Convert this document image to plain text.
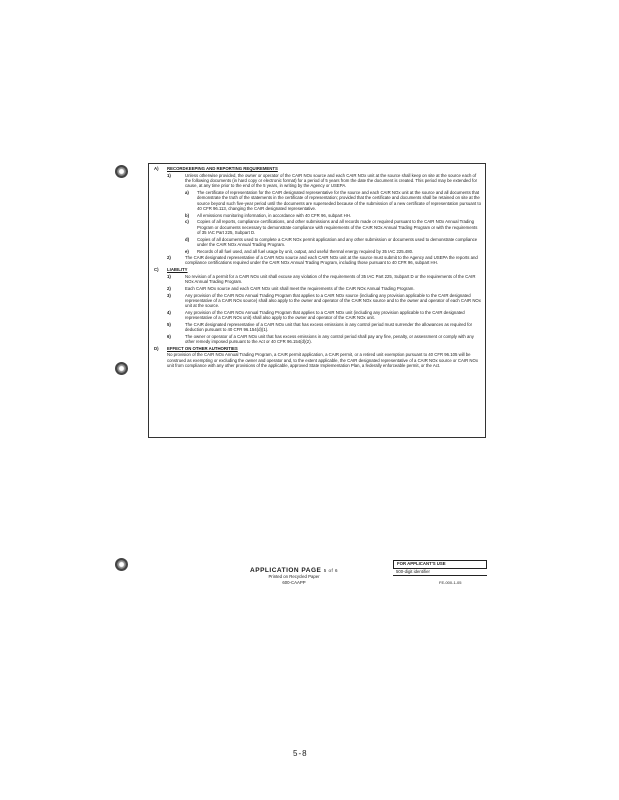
A)	RECORDKEEPING AND REPORTING REQUIREMENTS
1)	Unless otherwise provided, the owner or operator of the CAIR NOx source and each CAIR NOx unit at the source shall keep on site at the source each of the following documents (in hard copy or electronic format) for a period of 5 years from the date the document is created. This period may be extended for cause, at any time prior to the end of the 5 years, in writing by the Agency or USEPA.
a)	The certificate of representation for the CAIR designated representative for the source and each CAIR NOx unit at the source and all documents that demonstrate the truth of the statements in the certificate of representation; provided that the certificate and documents shall be retained on site at the source beyond such five-year period until the documents are superseded because of the submission of a new certificate of representation pursuant to 40 CFR 96.113, changing the CAIR designated representative.
b)	All emissions monitoring information, in accordance with 40 CFR 96, subpart HH.
c)	Copies of all reports, compliance certifications, and other submissions and all records made or required pursuant to the CAIR NOx Annual Trading Program or documents necessary to demonstrate compliance with requirements of the CAIR NOx Annual Trading Program or with the requirements of 35 IAC Part 225, Subpart D.
d)	Copies of all documents used to complete a CAIR NOx permit application and any other submission or documents used to demonstrate compliance under the CAIR NOx Annual Trading Program.
e)	Records of all fuel used, and all fuel usage by unit, output, and useful thermal energy required by 35 IAC 225.480.
2)	The CAIR designated representative of a CAIR NOx source and each CAIR NOx unit at the source must submit to the Agency and USEPA the reports and compliance certifications required under the CAIR NOx Annual Trading Program, including those pursuant to 40 CFR 96, subpart HH.
C)	LIABILITY
1)	No revision of a permit for a CAIR NOx unit shall excuse any violation of the requirements of 35 IAC Part 225, Subpart D or the requirements of the CAIR NOx Annual Trading Program.
2)	Each CAIR NOx source and each CAIR NOx unit shall meet the requirements of the CAIR NOx Annual Trading Program.
3)	Any provision of the CAIR NOx Annual Trading Program that applies to a CAIR NOx source (including any provision applicable to the CAIR designated representative of a CAIR NOx source) shall also apply to the owner and operator of the CAIR NOx source and to the owner and operator of each CAIR NOx unit at the source.
4)	Any provision of the CAIR NOx Annual Trading Program that applies to a CAIR NOx unit (including any provision applicable to the CAIR designated representative of a CAIR NOx unit) shall also apply to the owner and operator of the CAIR NOx unit.
5)	The CAIR designated representative of a CAIR NOx unit that has excess emissions in any control period must surrender the allowances as required for deduction pursuant to 40 CFR 96.154(d)(1).
6)	The owner or operator of a CAIR NOx unit that has excess emissions in any control period shall pay any fine, penalty, or assessment or comply with any other remedy imposed pursuant to the Act or 40 CFR 96.154(d)(2).
D)	EFFECT ON OTHER AUTHORITIES
No provision of the CAIR NOx Annual Trading Program, a CAIR permit application, a CAIR permit, or a retired unit exemption pursuant to 40 CFR 96.105 will be construed as exempting or excluding the owner and operator and, to the extent applicable, the CAIR designated representative of a CAIR NOx source or CAIR NOx unit from compliance with any other provisions of the applicable, approved State Implementation Plan, a federally enforceable permit, or the Act.
FOR APPLICANT'S USE
500-digit identifier
APPLICATION PAGE 5 of 6
Printed on Recycled Paper
600-CAAPP	FE-000-1-05
5-8
